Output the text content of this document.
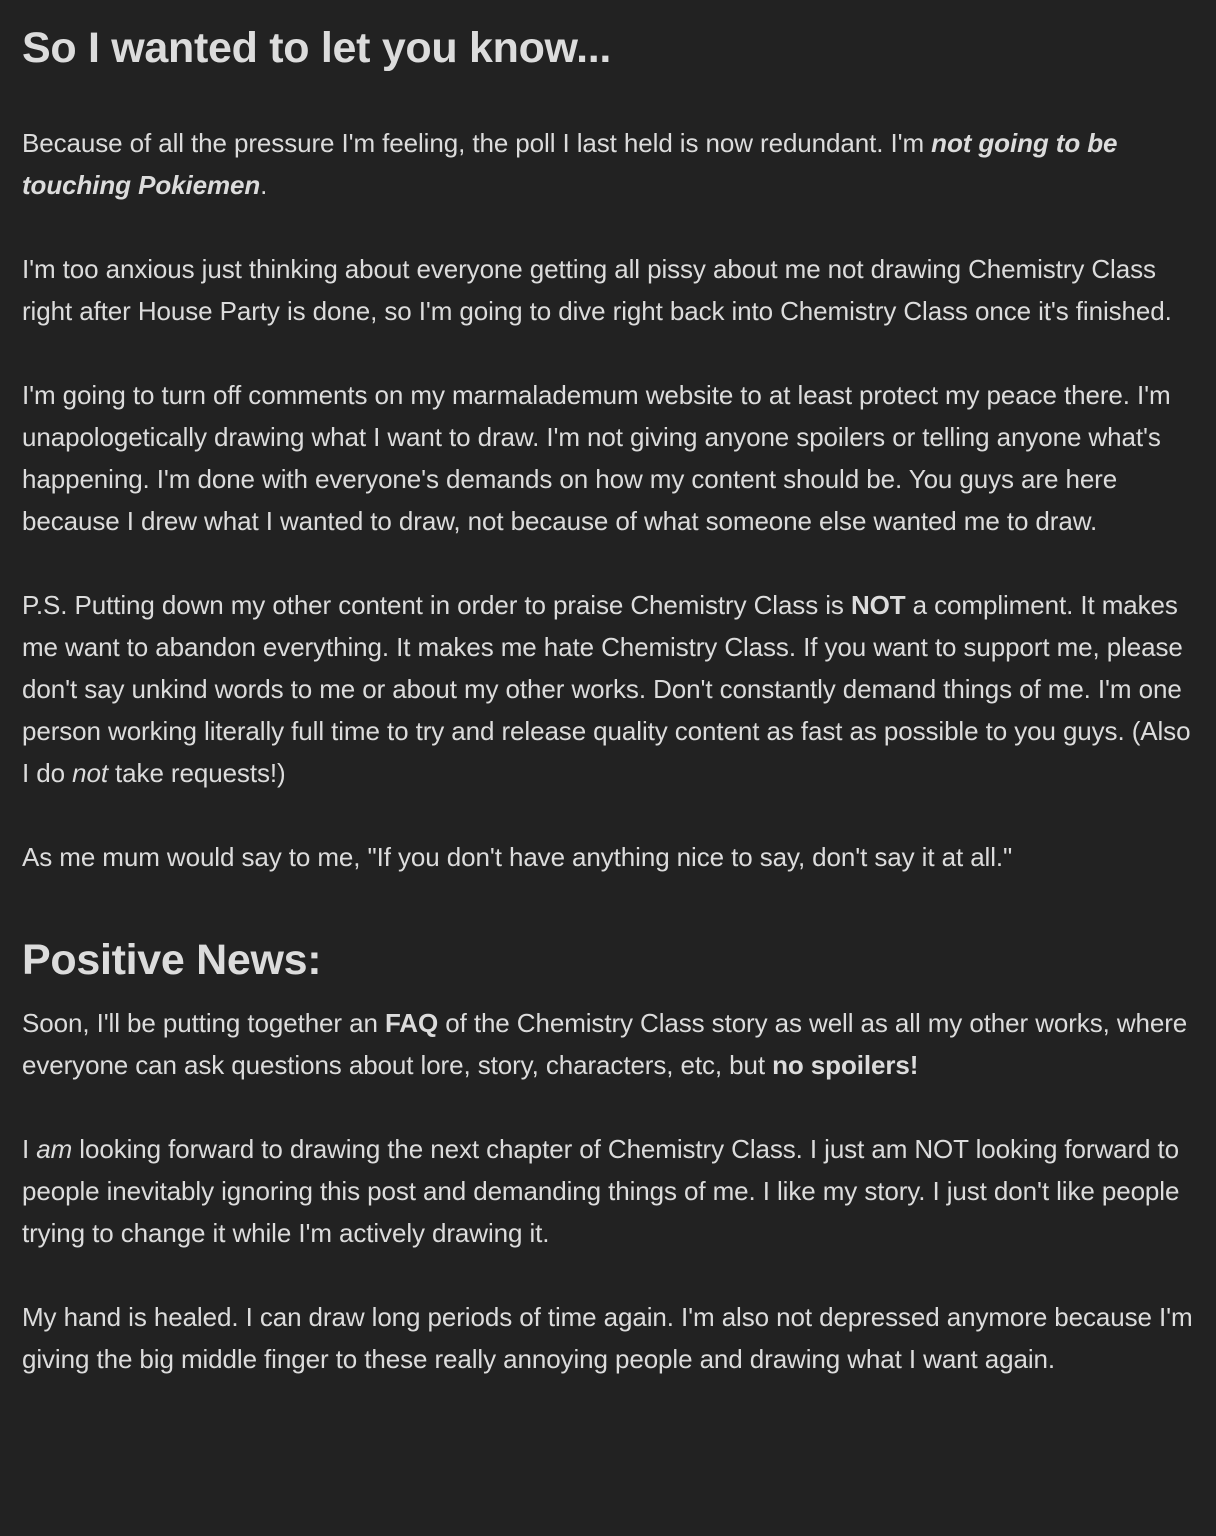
So I wanted to let you know...

Because of all the pressure I'm feeling, the poll I last held is now redundant. I'm not going to be touching Pokiemen.

I'm too anxious just thinking about everyone getting all pissy about me not drawing Chemistry Class right after House Party is done, so I'm going to dive right back into Chemistry Class once it's finished.

I'm going to turn off comments on my marmalademum website to at least protect my peace there. I'm unapologetically drawing what I want to draw. I'm not giving anyone spoilers or telling anyone what's happening. I'm done with everyone's demands on how my content should be. You guys are here because I drew what I wanted to draw, not because of what someone else wanted me to draw.

P.S. Putting down my other content in order to praise Chemistry Class is NOT a compliment. It makes me want to abandon everything. It makes me hate Chemistry Class. If you want to support me, please don't say unkind words to me or about my other works. Don't constantly demand things of me. I'm one person working literally full time to try and release quality content as fast as possible to you guys. (Also I do not take requests!)

As me mum would say to me, "If you don't have anything nice to say, don't say it at all."

Positive News:

Soon, I'll be putting together an FAQ of the Chemistry Class story as well as all my other works, where everyone can ask questions about lore, story, characters, etc, but no spoilers!

I am looking forward to drawing the next chapter of Chemistry Class. I just am NOT looking forward to people inevitably ignoring this post and demanding things of me. I like my story. I just don't like people trying to change it while I'm actively drawing it.

My hand is healed. I can draw long periods of time again. I'm also not depressed anymore because I'm giving the big middle finger to these really annoying people and drawing what I want again.
